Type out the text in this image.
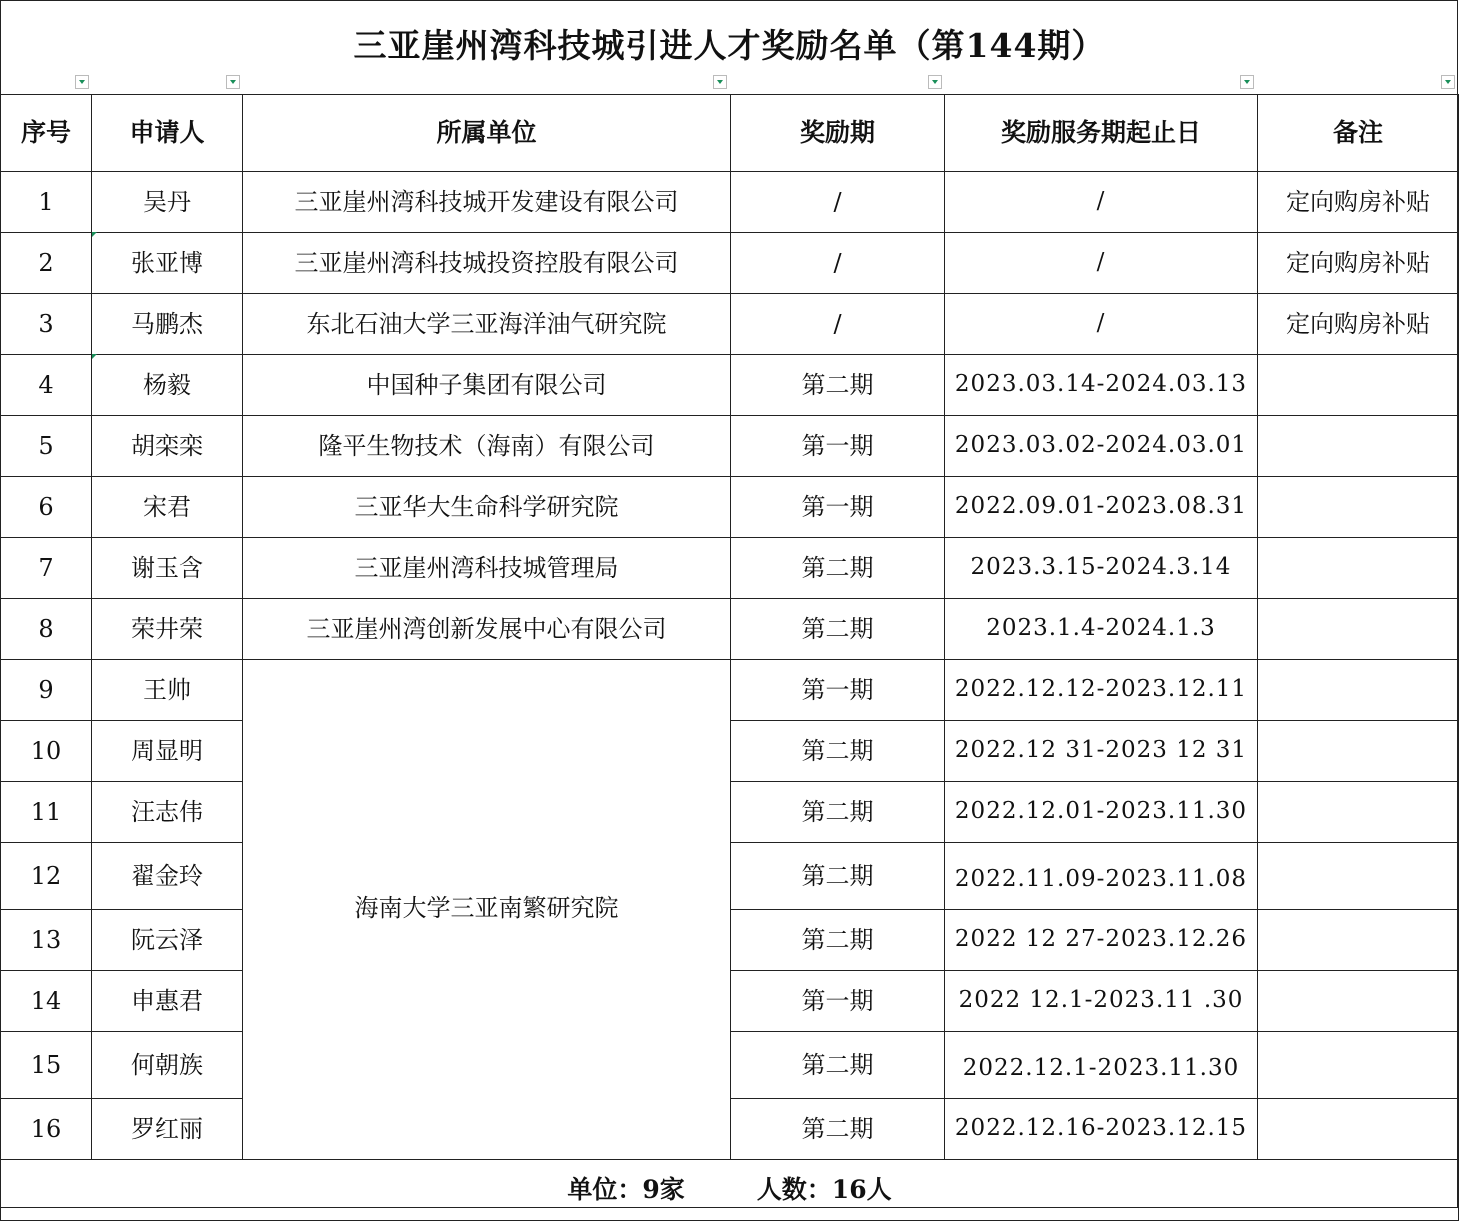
三亚崖州湾科技城引进人才奖励名单（第144期）
序号	申请人	所属单位	奖励期	奖励服务期起止日	备注
1	吴丹	三亚崖州湾科技城开发建设有限公司	/	/	定向购房补贴
2	张亚博	三亚崖州湾科技城投资控股有限公司	/	/	定向购房补贴
3	马鹏杰	东北石油大学三亚海洋油气研究院	/	/	定向购房补贴
4	杨毅	中国种子集团有限公司	第二期	2023.03.14-2024.03.13	
5	胡栾栾	隆平生物技术（海南）有限公司	第一期	2023.03.02-2024.03.01	
6	宋君	三亚华大生命科学研究院	第一期	2022.09.01-2023.08.31	
7	谢玉含	三亚崖州湾科技城管理局	第二期	2023.3.15-2024.3.14	
8	荣井荣	三亚崖州湾创新发展中心有限公司	第二期	2023.1.4-2024.1.3	
9	王帅	海南大学三亚南繁研究院	第一期	2022.12.12-2023.12.11	
10	周显明		第二期	2022.12 31-2023 12 31	
11	汪志伟		第二期	2022.12.01-2023.11.30	
12	翟金玲		第二期	2022.11.09-2023.11.08	
13	阮云泽		第二期	2022 12 27-2023.12.26	
14	申惠君		第一期	2022 12.1-2023.11 .30	
15	何朝族		第二期	2022.12.1-2023.11.30	
16	罗红丽		第二期	2022.12.16-2023.12.15	
单位：9家 人数：16人					
